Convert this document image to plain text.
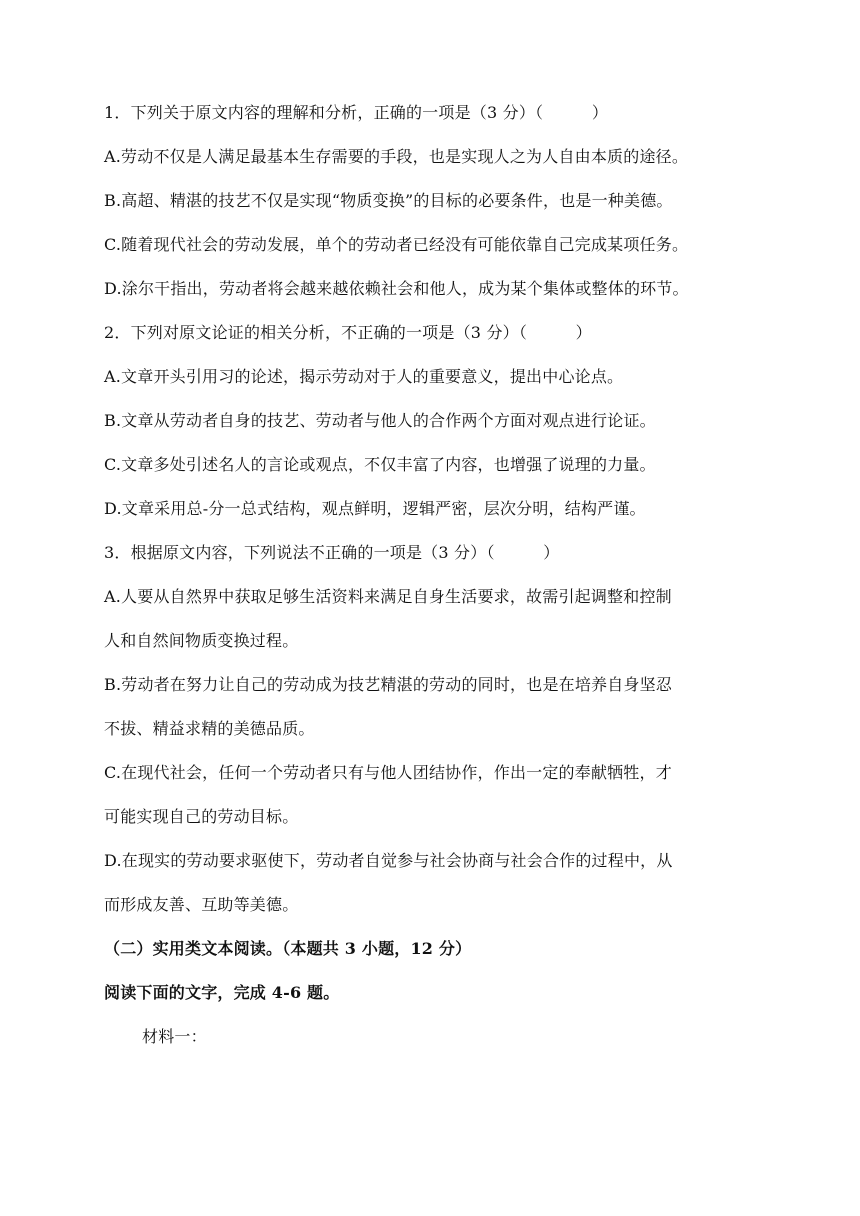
1．下列关于原文内容的理解和分析，正确的一项是（3 分）（　　　）

A.劳动不仅是人满足最基本生存需要的手段，也是实现人之为人自由本质的途径。

B.高超、精湛的技艺不仅是实现“物质变换”的目标的必要条件，也是一种美德。

C.随着现代社会的劳动发展，单个的劳动者已经没有可能依靠自己完成某项任务。

D.涂尔干指出，劳动者将会越来越依赖社会和他人，成为某个集体或整体的环节。

2．下列对原文论证的相关分析，不正确的一项是（3 分）（　　　）

A.文章开头引用习的论述，揭示劳动对于人的重要意义，提出中心论点。

B.文章从劳动者自身的技艺、劳动者与他人的合作两个方面对观点进行论证。

C.文章多处引述名人的言论或观点，不仅丰富了内容，也增强了说理的力量。

D.文章采用总-分一总式结构，观点鲜明，逻辑严密，层次分明，结构严谨。

3．根据原文内容，下列说法不正确的一项是（3 分）（　　　）

A.人要从自然界中获取足够生活资料来满足自身生活要求，故需引起调整和控制

人和自然间物质变换过程。

B.劳动者在努力让自己的劳动成为技艺精湛的劳动的同时，也是在培养自身坚忍

不拔、精益求精的美德品质。

C.在现代社会，任何一个劳动者只有与他人团结协作，作出一定的奉献牺牲，才

可能实现自己的劳动目标。

D.在现实的劳动要求驱使下，劳动者自觉参与社会协商与社会合作的过程中，从

而形成友善、互助等美德。

（二）实用类文本阅读。（本题共 3 小题，12 分）

阅读下面的文字，完成 4-6 题。

材料一：
